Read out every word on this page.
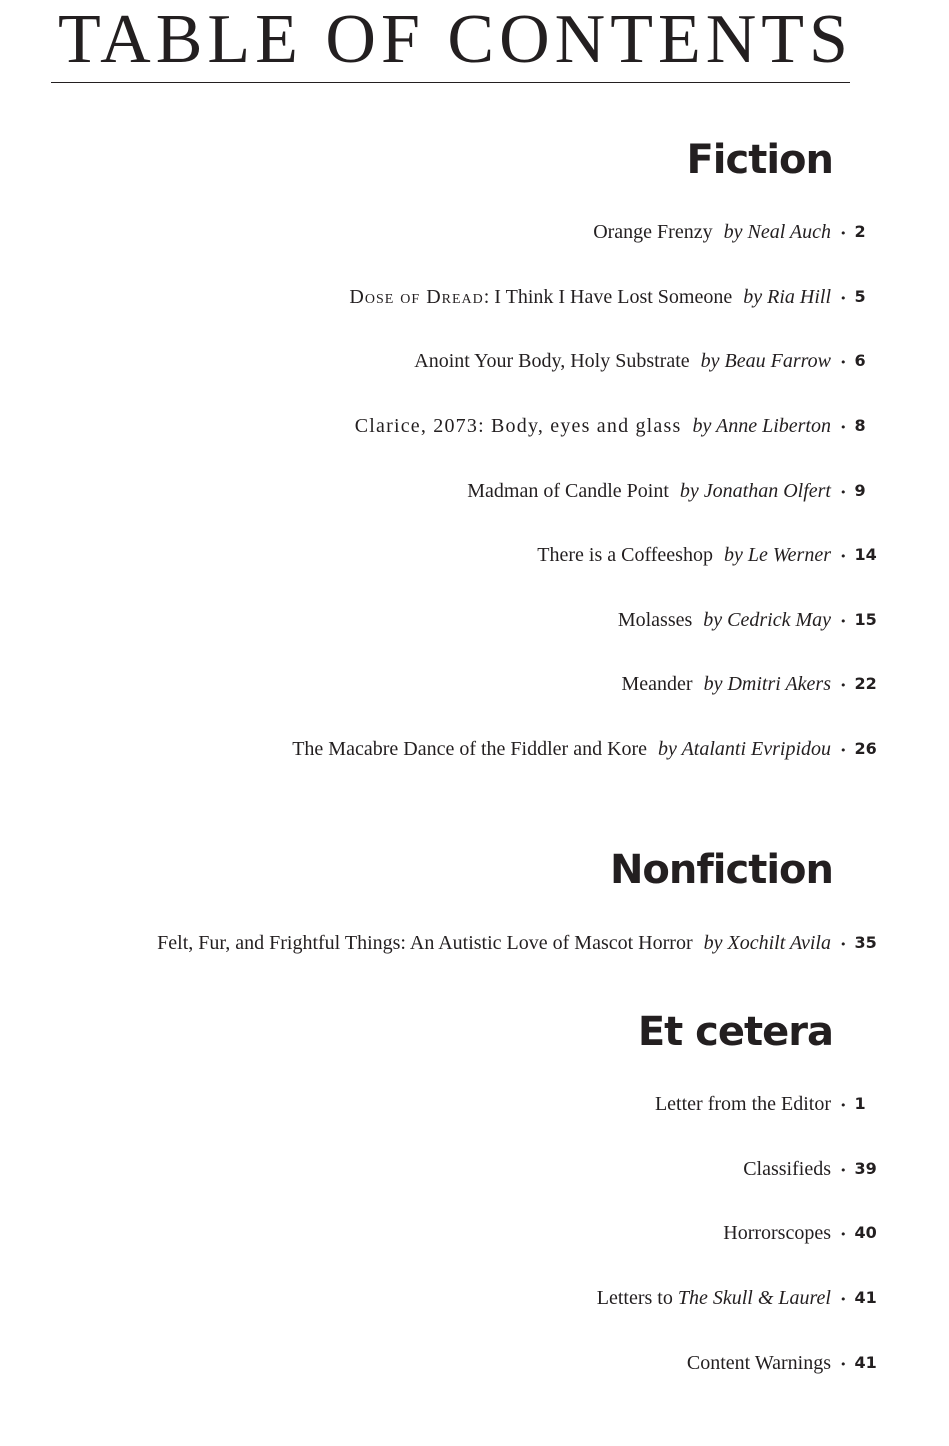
TABLE OF CONTENTS
Fiction
Orange Frenzy by Neal Auch • 2
Dose of Dread: I Think I Have Lost Someone by Ria Hill • 5
Anoint Your Body, Holy Substrate by Beau Farrow • 6
Clarice, 2073: Body, eyes and glass by Anne Liberton • 8
Madman of Candle Point by Jonathan Olfert • 9
There is a Coffeeshop by Le Werner • 14
Molasses by Cedrick May • 15
Meander by Dmitri Akers • 22
The Macabre Dance of the Fiddler and Kore by Atalanti Evripidou • 26
Nonfiction
Felt, Fur, and Frightful Things: An Autistic Love of Mascot Horror by Xochilt Avila • 35
Et cetera
Letter from the Editor • 1
Classifieds • 39
Horrorscopes • 40
Letters to The Skull & Laurel • 41
Content Warnings • 41
